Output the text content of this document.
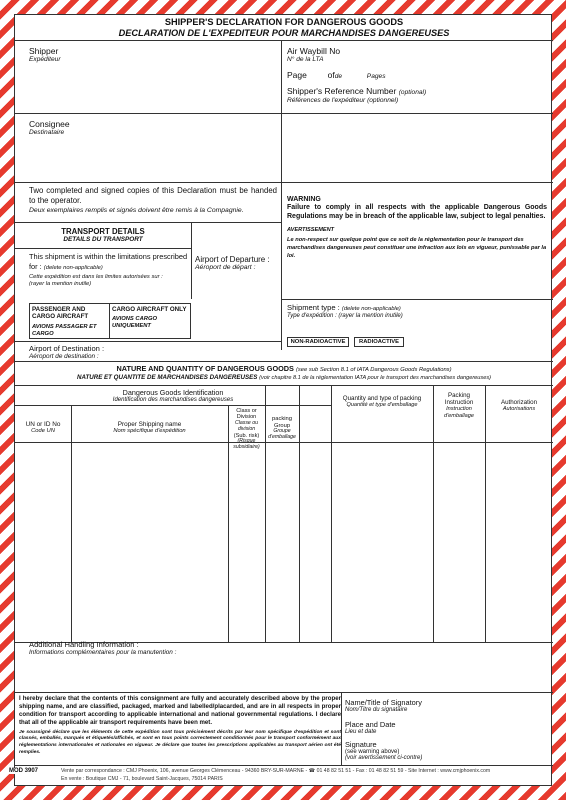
SHIPPER'S DECLARATION FOR DANGEROUS GOODS
DECLARATION DE L'EXPEDITEUR POUR MARCHANDISES DANGEREUSES
Shipper
Expéditeur
Air Waybill No
N° de la LTA
Page ofde	Pages
Shipper's Reference Number (optional)
Références de l'expéditeur (optionnel)
Consignee
Destinataire
Two completed and signed copies of this Declaration must be handed to the operator.
Deux exemplaires remplis et signés doivent être remis à la Compagnie.
WARNING
Failure to comply in all respects with the applicable Dangerous Goods Regulations may be in breach of the applicable law, subject to legal penalties.
AVERTISSEMENT
Le non-respect sur quelque point que ce soit de la réglementation pour le transport des marchandises dangereuses peut constituer une infraction aux lois en vigueur, punissable par la loi.
TRANSPORT DETAILS
DETAILS DU TRANSPORT
This shipment is within the limitations prescribed for : (delete non-applicable)
Cette expédition est dans les limites autorisées sur :
(rayer la mention inutile)
PASSENGER AND CARGO AIRCRAFT
AVIONS PASSAGER ET CARGO
CARGO AIRCRAFT ONLY
AVIONS CARGO UNIQUEMENT
Airport of Departure :
Aéroport de départ :
Shipment type : (delete non-applicable)
Type d'expédition : (rayer la mention inutile)
NON-RADIOACTIVE	RADIOACTIVE
Airport of Destination :
Aéroport de destination :
NATURE AND QUANTITY OF DANGEROUS GOODS (see sub Section 8.1 of IATA Dangerous Goods Regulations)
NATURE ET QUANTITE DE MARCHANDISES DANGEREUSES (voir chapitre 8.1 de la réglementation IATA pour le transport des marchandises dangereuses)
Dangerous Goods Identification
Identification des marchandises dangereuses
UN or ID No
Code UN
Proper Shipping name
Nom spécifique d'expédition
Class or Division
Classe ou division
(Sub. risk)
subsidiaire)
packing Group
Groupe d'emballage
Quantity and type of packing
Quantité et type d'emballage
Packing Instruction
Instruction d'emballage
Authorization
Autorisations
Additional Handling Information :
Informations complémentaires pour la manutention :
I hereby declare that the contents of this consignment are fully and accurately described above by the proper shipping name, and are classified, packaged, marked and labelled/placarded, and are in all respects in proper condition for transport according to applicable international and national governmental regulations. I declare that all of the applicable air transport requirements have been met.
Je soussigné déclare que les éléments de cette expédition sont tous précisément décrits par leur nom spécifique d'expédition et sont classés, emballés, marqués et étiquetés/affichés, et sont en tous points correctement conditionnés pour le transport conformément aux réglementations internationales et nationales en vigueur. Je déclare que toutes les prescriptions applicables au transport aérien ont été remplies.
Name/Title of Signatory
Nom/Titre du signataire
Place and Date
Lieu et date
Signature
(see warning above)
(voir avertissement ci-contre)
MOD 3907	Vente par correspondance : CMJ Phoenix, 106, avenue Georges Clémenceau - 94360 BRY-SUR-MARNE - ☎ 01 48 82 51 51 - Fax : 01 48 82 51 59 - Site Internet : www.cmjphoenix.com
En vente : Boutique CMJ - 71, boulevard Saint-Jacques, 75014 PARIS
